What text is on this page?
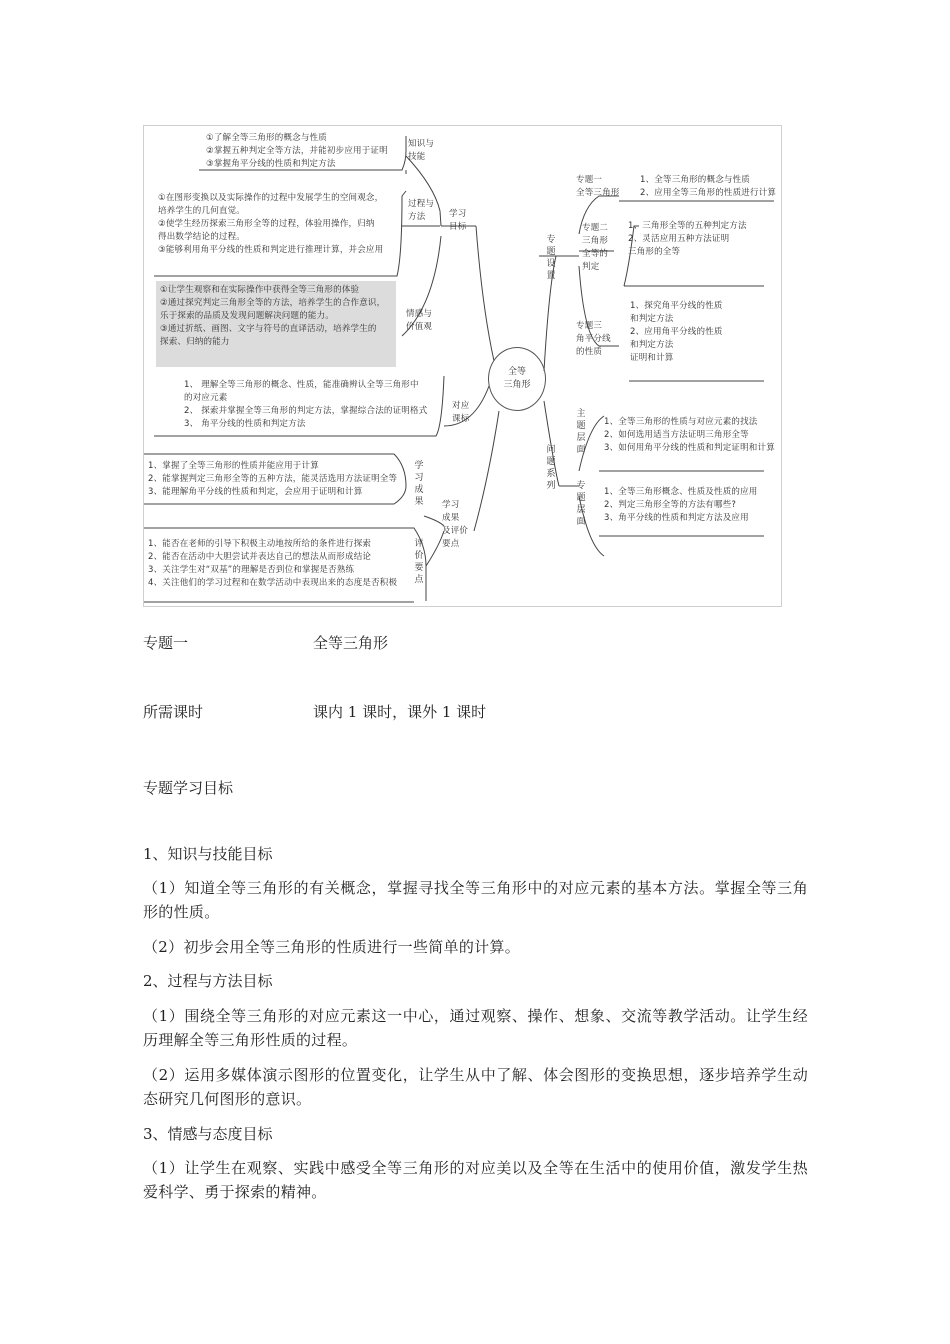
①了解全等三角形的概念与性质
②掌握五种判定全等方法，并能初步应用于证明
③掌握角平分线的性质和判定方法
知识与
技能
①在图形变换以及实际操作的过程中发展学生的空间观念，
培养学生的几何直觉。
②使学生经历探索三角形全等的过程，体验用操作，归纳
得出数学结论的过程。
③能够利用角平分线的性质和判定进行推理计算，并会应用
过程与
方法	学习
目标
①让学生观察和在实际操作中获得全等三角形的体验
②通过探究判定三角形全等的方法，培养学生的合作意识，
乐于探索的品质及发现问题解决问题的能力。
③通过折纸、画图、文字与符号的直译活动，培养学生的
探索、归纳的能力
情感与
价值观
1、 理解全等三角形的概念、性质，能准确辨认全等三角形中
的对应元素
2、 探索并掌握全等三角形的判定方法，掌握综合法的证明格式
3、 角平分线的性质和判定方法
对应
课标
全等
三角形
1、掌握了全等三角形的性质并能应用于计算
2、能掌握判定三角形全等的五种方法，能灵活选用方法证明全等
3、能理解角平分线的性质和判定，会应用于证明和计算
学
习
成
果 学习
成果
及评价
要点
1、能否在老师的引导下积极主动地按所给的条件进行探索
2、能否在活动中大胆尝试并表达自己的想法从而形成结论
3、关注学生对“双基”的理解是否到位和掌握是否熟练
4、关注他们的学习过程和在数学活动中表现出来的态度是否积极
评
价
要
点
专
题
设
置
专题一
全等三角形
1、全等三角形的概念与性质
2、应用全等三角形的性质进行计算
专题二
三角形
全等的
判定
1、三角形全等的五种判定方法
2、灵活应用五种方法证明
三角形的全等
专题三
角平分线
的性质
1、探究角平分线的性质
和判定方法
2、应用角平分线的性质
和判定方法
证明和计算
问
题
系
列
主
题
层
面
1、全等三角形的性质与对应元素的找法
2、如何选用适当方法证明三角形全等
3、如何用角平分线的性质和判定证明和计算
专
题
层
面
1、全等三角形概念、性质及性质的应用
2、判定三角形全等的方法有哪些?
3、角平分线的性质和判定方法及应用
专题一	全等三角形
所需课时	课内 1 课时，课外 1 课时
专题学习目标
1、知识与技能目标
（1）知道全等三角形的有关概念，掌握寻找全等三角形中的对应元素的基本方法。掌握全等三角形的性质。
（2）初步会用全等三角形的性质进行一些简单的计算。
2、过程与方法目标
（1）围绕全等三角形的对应元素这一中心，通过观察、操作、想象、交流等教学活动。让学生经历理解全等三角形性质的过程。
（2）运用多媒体演示图形的位置变化，让学生从中了解、体会图形的变换思想，逐步培养学生动态研究几何图形的意识。
3、情感与态度目标
（1）让学生在观察、实践中感受全等三角形的对应美以及全等在生活中的使用价值，激发学生热爱科学、勇于探索的精神。
